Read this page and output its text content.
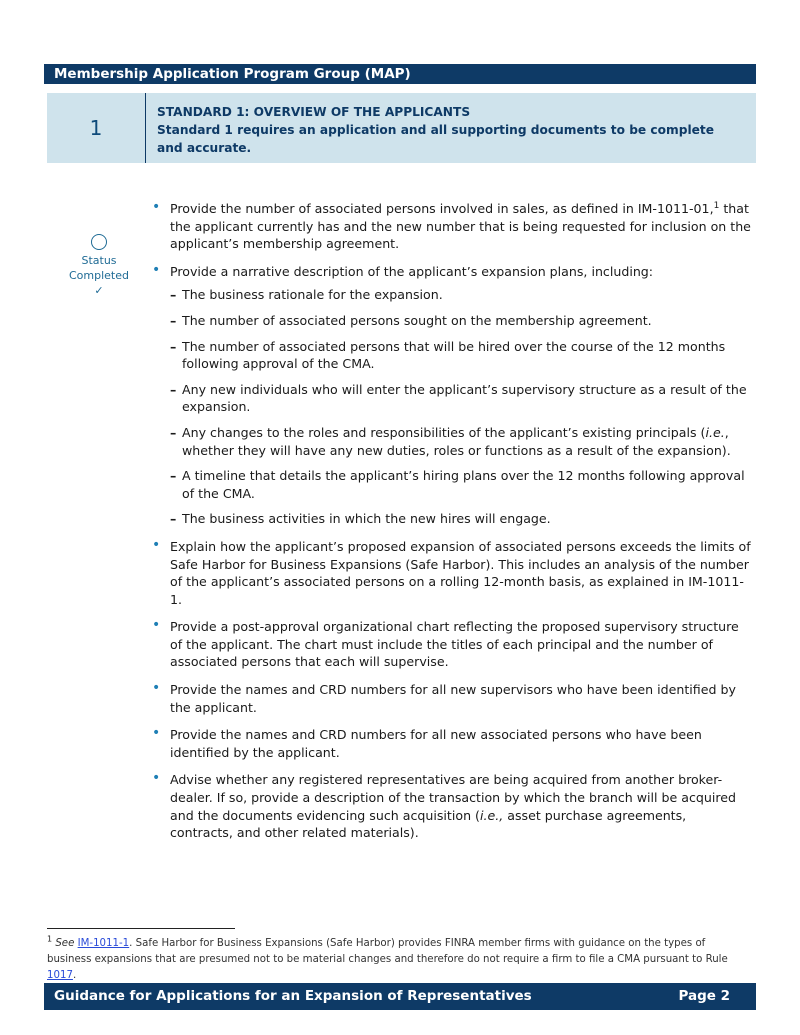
Membership Application Program Group (MAP)
1
STANDARD 1: OVERVIEW OF THE APPLICANTS
Standard 1 requires an application and all supporting documents to be complete and accurate.
Status
Completed
✓
• Provide the number of associated persons involved in sales, as defined in IM-1011-01,$^1$ that the applicant currently has and the new number that is being requested for inclusion on the applicant’s membership agreement.
• Provide a narrative description of the applicant’s expansion plans, including:
– The business rationale for the expansion.
– The number of associated persons sought on the membership agreement.
– The number of associated persons that will be hired over the course of the 12 months following approval of the CMA.
– Any new individuals who will enter the applicant’s supervisory structure as a result of the expansion.
– Any changes to the roles and responsibilities of the applicant’s existing principals (i.e., whether they will have any new duties, roles or functions as a result of the expansion).
– A timeline that details the applicant’s hiring plans over the 12 months following approval of the CMA.
– The business activities in which the new hires will engage.
• Explain how the applicant’s proposed expansion of associated persons exceeds the limits of Safe Harbor for Business Expansions (Safe Harbor). This includes an analysis of the number of the applicant’s associated persons on a rolling 12-month basis, as explained in IM-1011-1.
• Provide a post-approval organizational chart reflecting the proposed supervisory structure of the applicant. The chart must include the titles of each principal and the number of associated persons that each will supervise.
• Provide the names and CRD numbers for all new supervisors who have been identified by the applicant.
• Provide the names and CRD numbers for all new associated persons who have been identified by the applicant.
• Advise whether any registered representatives are being acquired from another broker-dealer. If so, provide a description of the transaction by which the branch will be acquired and the documents evidencing such acquisition (i.e., asset purchase agreements, contracts, and other related materials).
$^1$ See IM-1011-1. Safe Harbor for Business Expansions (Safe Harbor) provides FINRA member firms with guidance on the types of business expansions that are presumed not to be material changes and therefore do not require a firm to file a CMA pursuant to Rule 1017.
Guidance for Applications for an Expansion of Representatives	Page 2
